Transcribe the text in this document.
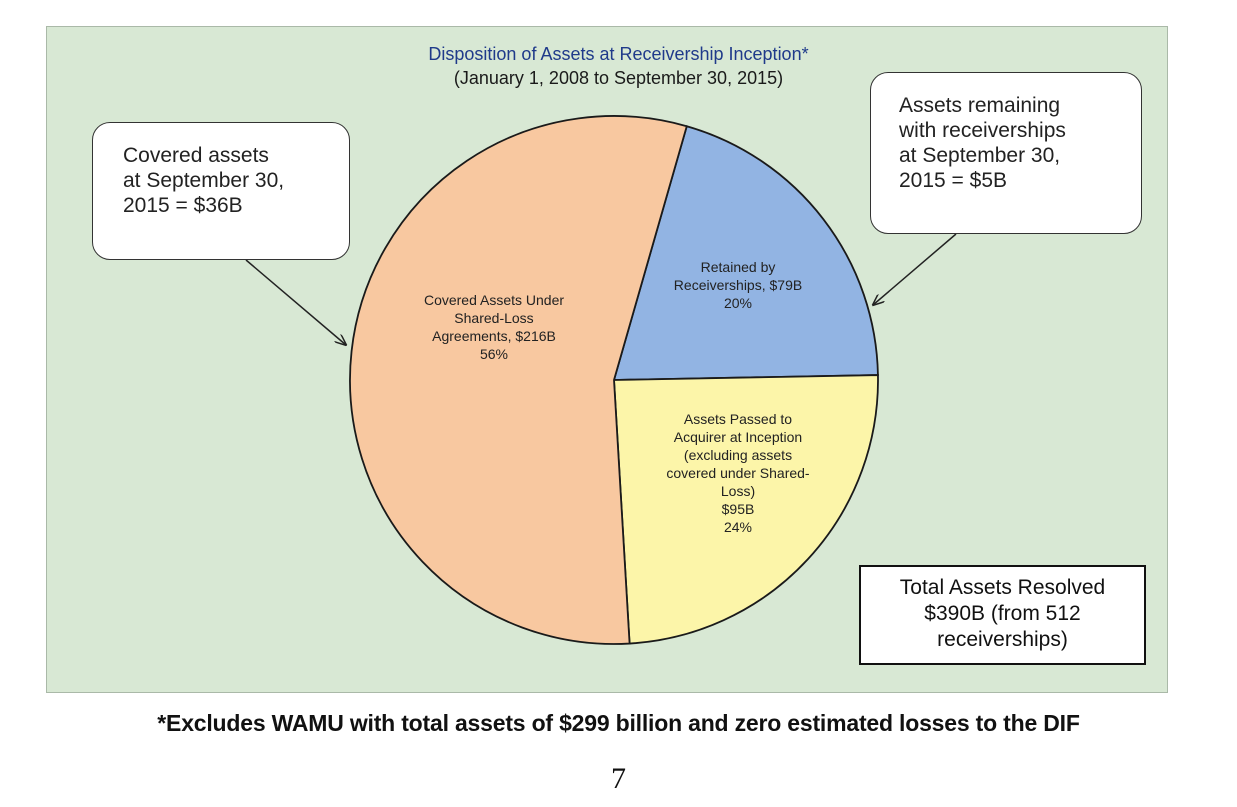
Retained by Receiverships, $79B 20%
Assets Passed to Acquirer at Inception (excluding assets covered under Shared-Loss) $95B 24%
Covered Assets Under Shared-Loss Agreements, $216B 56%
Disposition of Assets at Receivership Inception*
(January 1, 2008 to September 30, 2015)
Covered assets
at September 30,
2015 = $36B
Assets remaining
with receiverships
at September 30,
2015 = $5B
Total Assets Resolved
$390B (from 512
receiverships)
*Excludes WAMU with total assets of $299 billion and zero estimated losses to the DIF
7
